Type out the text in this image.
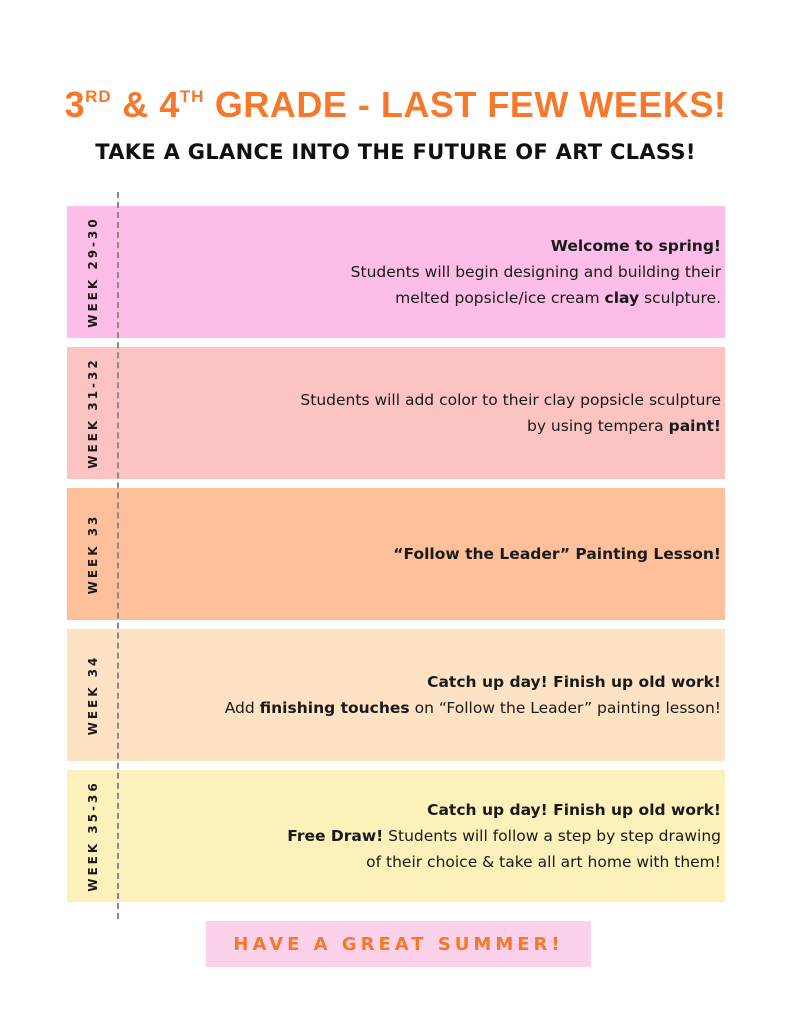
3RD & 4TH GRADE - LAST FEW WEEKS!
TAKE A GLANCE INTO THE FUTURE OF ART CLASS!
WEEK 29-30	Welcome to spring!
Students will begin designing and building their
melted popsicle/ice cream clay sculpture.
WEEK 31-32	Students will add color to their clay popsicle sculpture
by using tempera paint!
WEEK 33	“Follow the Leader” Painting Lesson!
WEEK 34	Catch up day! Finish up old work!
Add finishing touches on “Follow the Leader” painting lesson!
WEEK 35-36	Catch up day! Finish up old work!
Free Draw! Students will follow a step by step drawing
of their choice & take all art home with them!
HAVE A GREAT SUMMER!
